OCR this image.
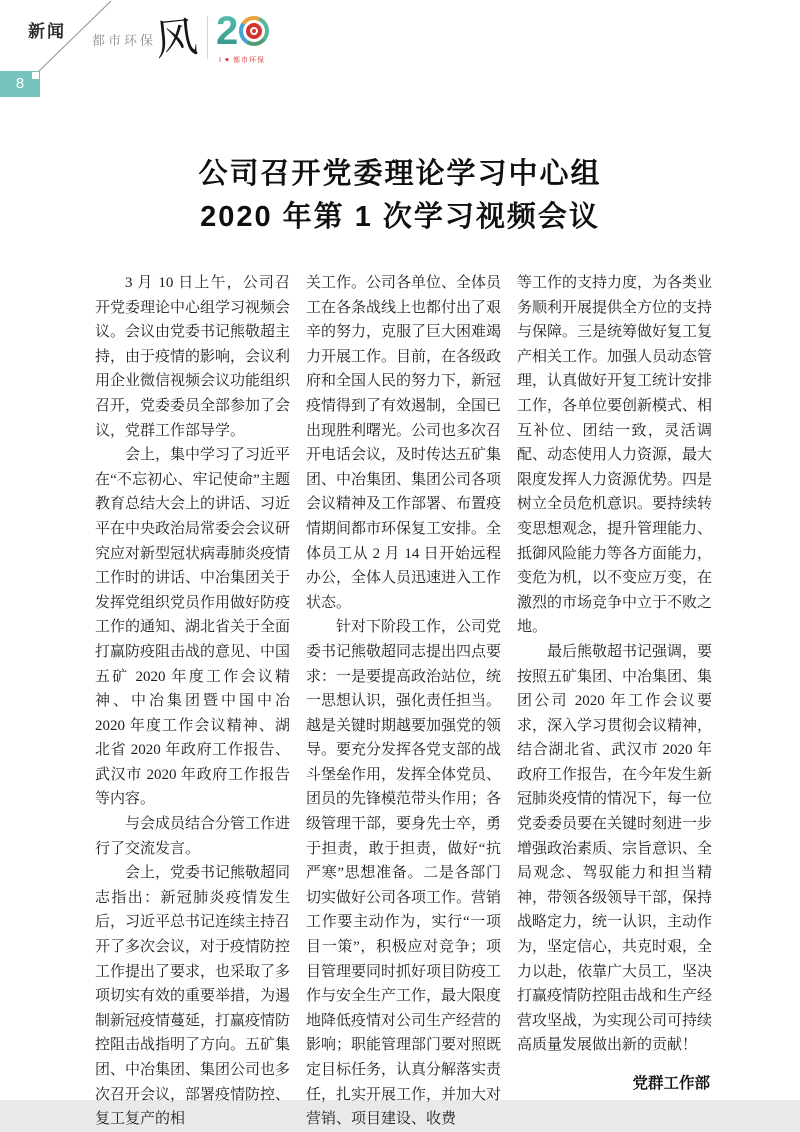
新闻
8
都市环保
风 2
I ♥ 都市环保
公司召开党委理论学习中心组
2020 年第 1 次学习视频会议

3 月 10 日上午，公司召开党委理论中心组学习视频会议。会议由党委书记熊敬超主持，由于疫情的影响，会议利用企业微信视频会议功能组织召开，党委委员全部参加了会议，党群工作部导学。

会上，集中学习了习近平在“不忘初心、牢记使命”主题教育总结大会上的讲话、习近平在中央政治局常委会会议研究应对新型冠状病毒肺炎疫情工作时的讲话、中冶集团关于发挥党组织党员作用做好防疫工作的通知、湖北省关于全面打赢防疫阻击战的意见、中国五矿 2020 年度工作会议精神、中冶集团暨中国中冶 2020 年度工作会议精神、湖北省 2020 年政府工作报告、武汉市 2020 年政府工作报告等内容。

与会成员结合分管工作进行了交流发言。

会上，党委书记熊敬超同志指出：新冠肺炎疫情发生后，习近平总书记连续主持召开了多次会议，对于疫情防控工作提出了要求，也采取了多项切实有效的重要举措，为遏制新冠疫情蔓延，打赢疫情防控阻击战指明了方向。五矿集团、中冶集团、集团公司也多次召开会议，部署疫情防控、复工复产的相

关工作。公司各单位、全体员工在各条战线上也都付出了艰辛的努力，克服了巨大困难竭力开展工作。目前，在各级政府和全国人民的努力下，新冠疫情得到了有效遏制，全国已出现胜利曙光。公司也多次召开电话会议，及时传达五矿集团、中冶集团、集团公司各项会议精神及工作部署、布置疫情期间都市环保复工安排。全体员工从 2 月 14 日开始远程办公，全体人员迅速进入工作状态。

针对下阶段工作，公司党委书记熊敬超同志提出四点要求：一是要提高政治站位，统一思想认识，强化责任担当。越是关键时期越要加强党的领导。要充分发挥各党支部的战斗堡垒作用，发挥全体党员、团员的先锋模范带头作用；各级管理干部，要身先士卒，勇于担责，敢于担责，做好“抗严寒”思想准备。二是各部门切实做好公司各项工作。营销工作要主动作为，实行“一项目一策”，积极应对竞争；项目管理要同时抓好项目防疫工作与安全生产工作，最大限度地降低疫情对公司生产经营的影响；职能管理部门要对照既定目标任务，认真分解落实责任，扎实开展工作，并加大对营销、项目建设、收费

等工作的支持力度，为各类业务顺利开展提供全方位的支持与保障。三是统筹做好复工复产相关工作。加强人员动态管理，认真做好开复工统计安排工作，各单位要创新模式、相互补位、团结一致，灵活调配、动态使用人力资源，最大限度发挥人力资源优势。四是树立全员危机意识。要持续转变思想观念，提升管理能力、抵御风险能力等各方面能力，变危为机，以不变应万变，在激烈的市场竞争中立于不败之地。

最后熊敬超书记强调，要按照五矿集团、中冶集团、集团公司 2020 年工作会议要求，深入学习贯彻会议精神，结合湖北省、武汉市 2020 年政府工作报告，在今年发生新冠肺炎疫情的情况下，每一位党委委员要在关键时刻进一步增强政治素质、宗旨意识、全局观念、驾驭能力和担当精神，带领各级领导干部，保持战略定力，统一认识，主动作为，坚定信心，共克时艰，全力以赴，依靠广大员工，坚决打赢疫情防控阻击战和生产经营攻坚战，为实现公司可持续高质量发展做出新的贡献！

党群工作部
